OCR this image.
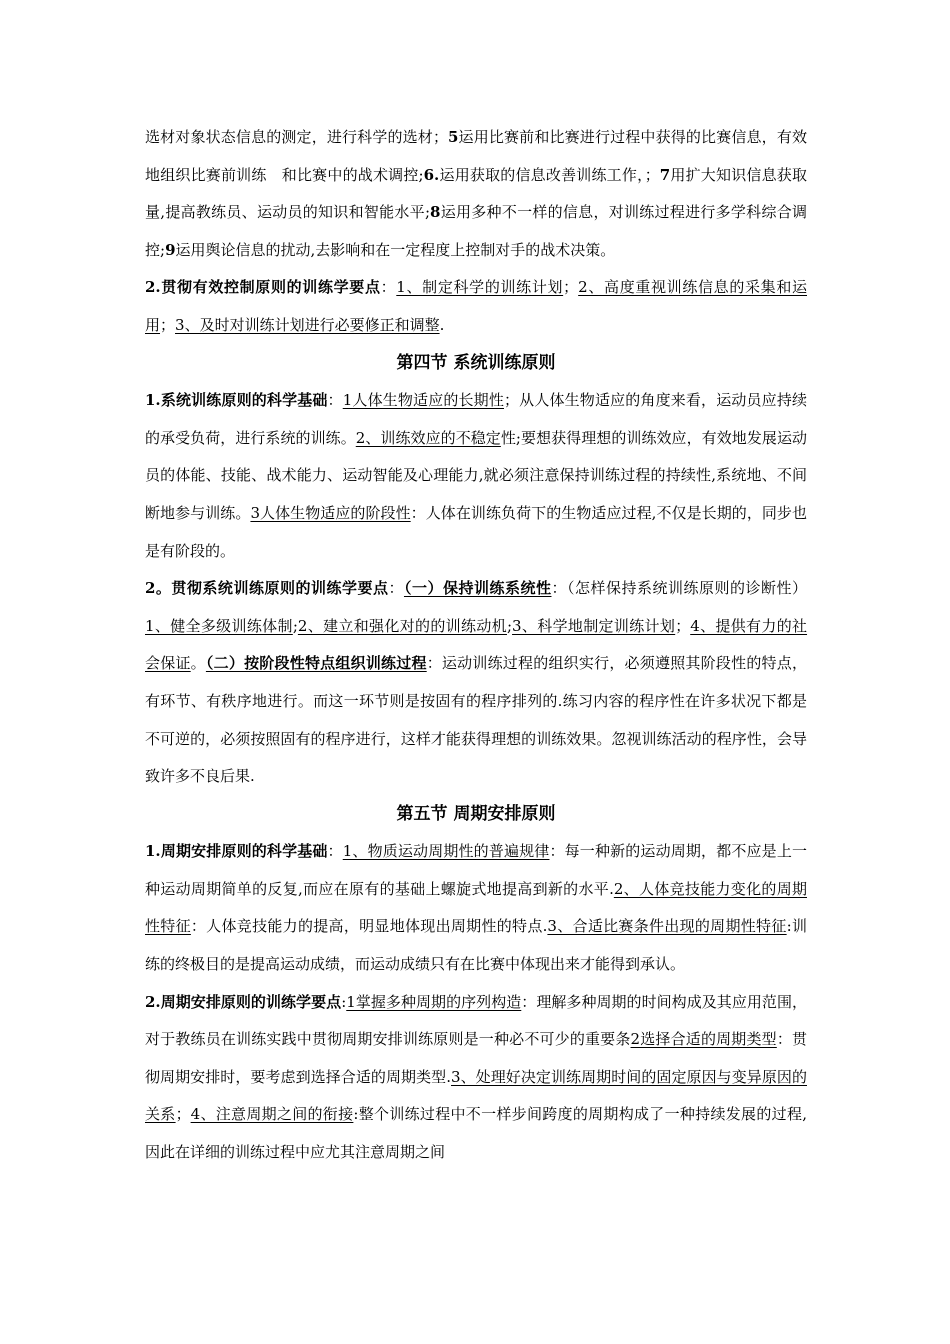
选材对象状态信息的测定，进行科学的选材；5运用比赛前和比赛进行过程中获得的比赛信息，有效地组织比赛前训练　和比赛中的战术调控;6.运用获取的信息改善训练工作，；7用扩大知识信息获取量,提高教练员、运动员的知识和智能水平;8运用多种不一样的信息，对训练过程进行多学科综合调控;9运用舆论信息的扰动,去影响和在一定程度上控制对手的战术决策。

2.贯彻有效控制原则的训练学要点：1、制定科学的训练计划；2、高度重视训练信息的采集和运用；3、及时对训练计划进行必要修正和调整.

第四节 系统训练原则

1.系统训练原则的科学基础：1人体生物适应的长期性；从人体生物适应的角度来看，运动员应持续的承受负荷，进行系统的训练。2、训练效应的不稳定性;要想获得理想的训练效应，有效地发展运动员的体能、技能、战术能力、运动智能及心理能力,就必须注意保持训练过程的持续性,系统地、不间断地参与训练。3人体生物适应的阶段性：人体在训练负荷下的生物适应过程,不仅是长期的，同步也是有阶段的。

2。贯彻系统训练原则的训练学要点：（一）保持训练系统性：（怎样保持系统训练原则的诊断性）1、健全多级训练体制;2、建立和强化对的的训练动机;3、科学地制定训练计划；4、提供有力的社会保证。（二）按阶段性特点组织训练过程：运动训练过程的组织实行，必须遵照其阶段性的特点，有环节、有秩序地进行。而这一环节则是按固有的程序排列的.练习内容的程序性在许多状况下都是不可逆的，必须按照固有的程序进行，这样才能获得理想的训练效果。忽视训练活动的程序性，会导致许多不良后果.

第五节 周期安排原则

1.周期安排原则的科学基础：1、物质运动周期性的普遍规律：每一种新的运动周期，都不应是上一种运动周期简单的反复,而应在原有的基础上螺旋式地提高到新的水平.2、人体竞技能力变化的周期性特征：人体竞技能力的提高，明显地体现出周期性的特点.3、合适比赛条件出现的周期性特征:训练的终极目的是提高运动成绩，而运动成绩只有在比赛中体现出来才能得到承认。

2.周期安排原则的训练学要点:1掌握多种周期的序列构造：理解多种周期的时间构成及其应用范围，对于教练员在训练实践中贯彻周期安排训练原则是一种必不可少的重要条2选择合适的周期类型：贯彻周期安排时，要考虑到选择合适的周期类型.3、处理好决定训练周期时间的固定原因与变异原因的关系；4、注意周期之间的衔接:整个训练过程中不一样步间跨度的周期构成了一种持续发展的过程,因此在详细的训练过程中应尤其注意周期之间
